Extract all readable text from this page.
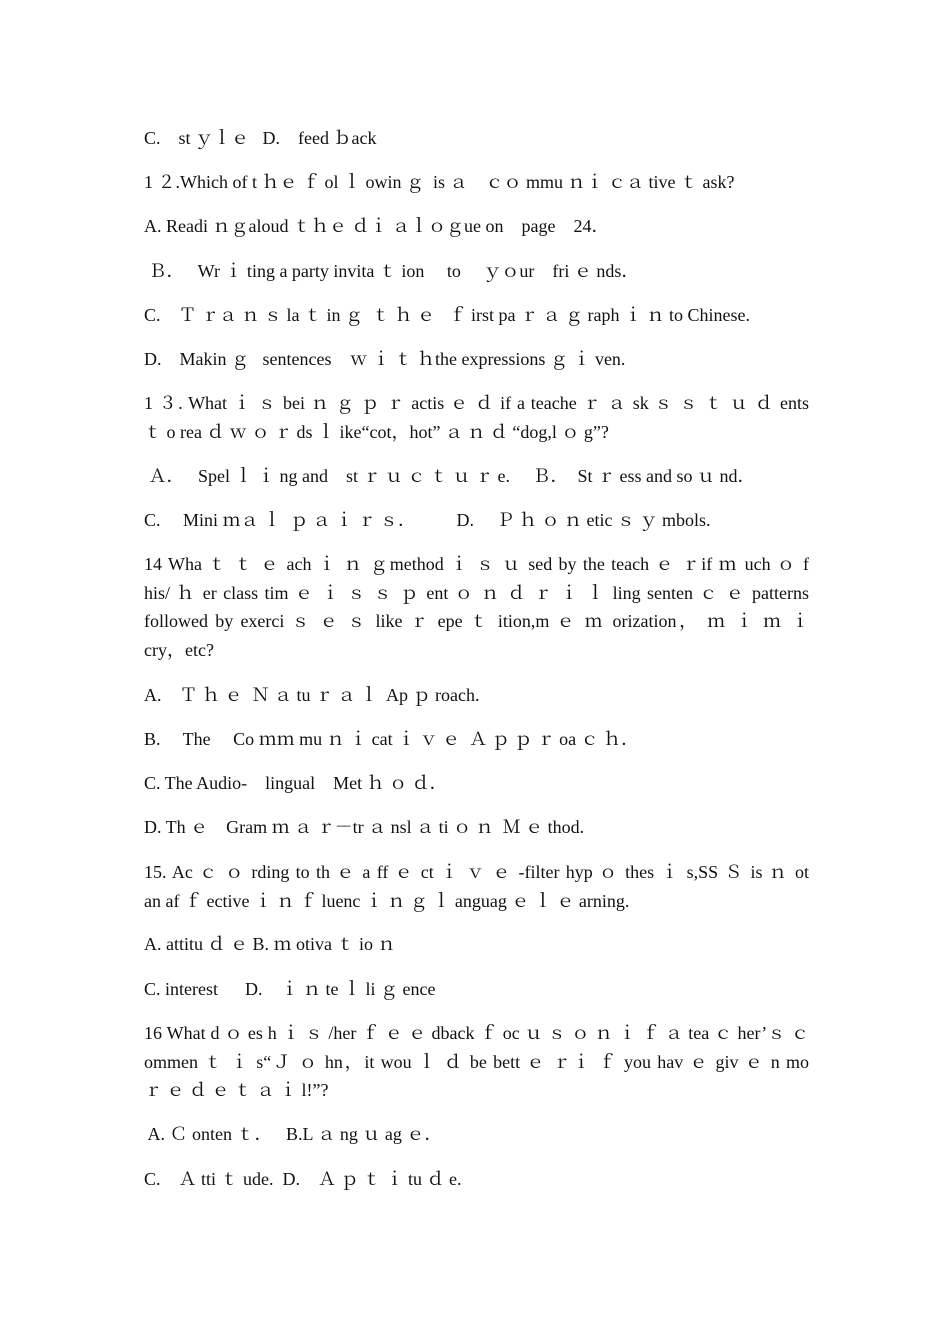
C.    st ｙｌｅ   D.    feed ｂack
1 ２.Which of t ｈｅ ｆ ol ｌ owin ｇ  is ａ    ｃｏ mmu ｎｉ ｃａ tive ｔ ask?
A. Readi ｎｇaloud ｔｈｅ ｄｉ ａｌｏｇue on    page    24．
Ｂ．   Wr ｉ ting a party invita ｔ ion     to     ｙｏur    fri ｅ nds．
C.    Ｔ ｒａ ｎ ｓ la ｔ in ｇ  ｔ ｈ ｅ   ｆ irst pa ｒ ａ ｇ raph ｉ ｎ to Chinese.
D.    Makin ｇ   sentences    ｗ ｉ ｔ ｈthe expressions ｇ ｉ ven.
1 ３. What ｉ ｓ bei ｎ ｇ ｐ ｒ actis ｅ ｄ if a teache ｒ ａ sk ｓ ｓ ｔ ｕ ｄ ents
ｔ o rea ｄ ｗ ｏ ｒ ds ｌ ike“cot，hot” ａ ｎ ｄ “dog,l ｏ g”?
Ａ．   Spel ｌ ｉ ng and    st ｒ ｕ ｃ ｔ ｕ ｒ e.     Ｂ．  St ｒ ess and so ｕ nd．
C.     Mini ｍａ ｌ  ｐ ａ ｉ ｒ ｓ．         D.     Ｐ ｈ ｏ ｎ etic ｓ ｙ mbols.
14 Wha ｔ ｔ ｅ ach ｉ ｎ ｇmethod ｉ ｓ ｕ sed by the teach ｅ ｒif ｍ uch ｏ f
his/ ｈ er class tim ｅ ｉ ｓ ｓ ｐ ent ｏ ｎ ｄ ｒ ｉ ｌ ling senten ｃ ｅ patterns
followed by exerci ｓ ｅ ｓ like ｒ epe ｔ ition,m ｅ ｍ orization， ｍ ｉ ｍ ｉ
cry，etc?
A.    Ｔ ｈ ｅ  Ｎ ａ tu ｒ ａ ｌ  Ap ｐ roach.
B.     The     Co ｍｍ mu ｎ ｉ cat ｉ ｖ ｅ  Ａ ｐ ｐ ｒ oa ｃ ｈ．
C. The Audio-    lingual    Met ｈ ｏ ｄ．
D. Th ｅ    Gram ｍ ａ ｒ－tr ａ nsl ａ ti ｏ ｎ  Ｍ ｅ thod.
15. Ac ｃ ｏ rding to th ｅ a ff ｅ ct ｉ ｖ ｅ -filter hyp ｏ thes ｉ s,SS Ｓ is ｎ ot
an af ｆ ective ｉ ｎ ｆ luenc ｉ ｎ ｇ ｌ anguag ｅ ｌ ｅ arning.
A. attitu ｄ ｅ B. ｍ otiva ｔ io ｎ
C. interest      D.    ｉ ｎ te ｌ li ｇ ence
16 What d ｏ es h ｉ ｓ /her ｆ ｅ ｅ dback ｆ oc ｕ ｓ ｏ ｎ ｉ ｆ ａ tea ｃ her’ｓ ｃ
ommen ｔ ｉ s“Ｊ ｏ hn，it wou ｌ ｄ be bett ｅ ｒｉ ｆ you hav ｅ giv ｅ n mo
ｒ ｅ ｄ ｅ ｔ ａ ｉ l!”?
A. Ｃ onten ｔ．   B.L ａ ng ｕ ag ｅ．
C.    Ａ tti ｔ ude.  D.    Ａ ｐ ｔ ｉ tu ｄ e.
